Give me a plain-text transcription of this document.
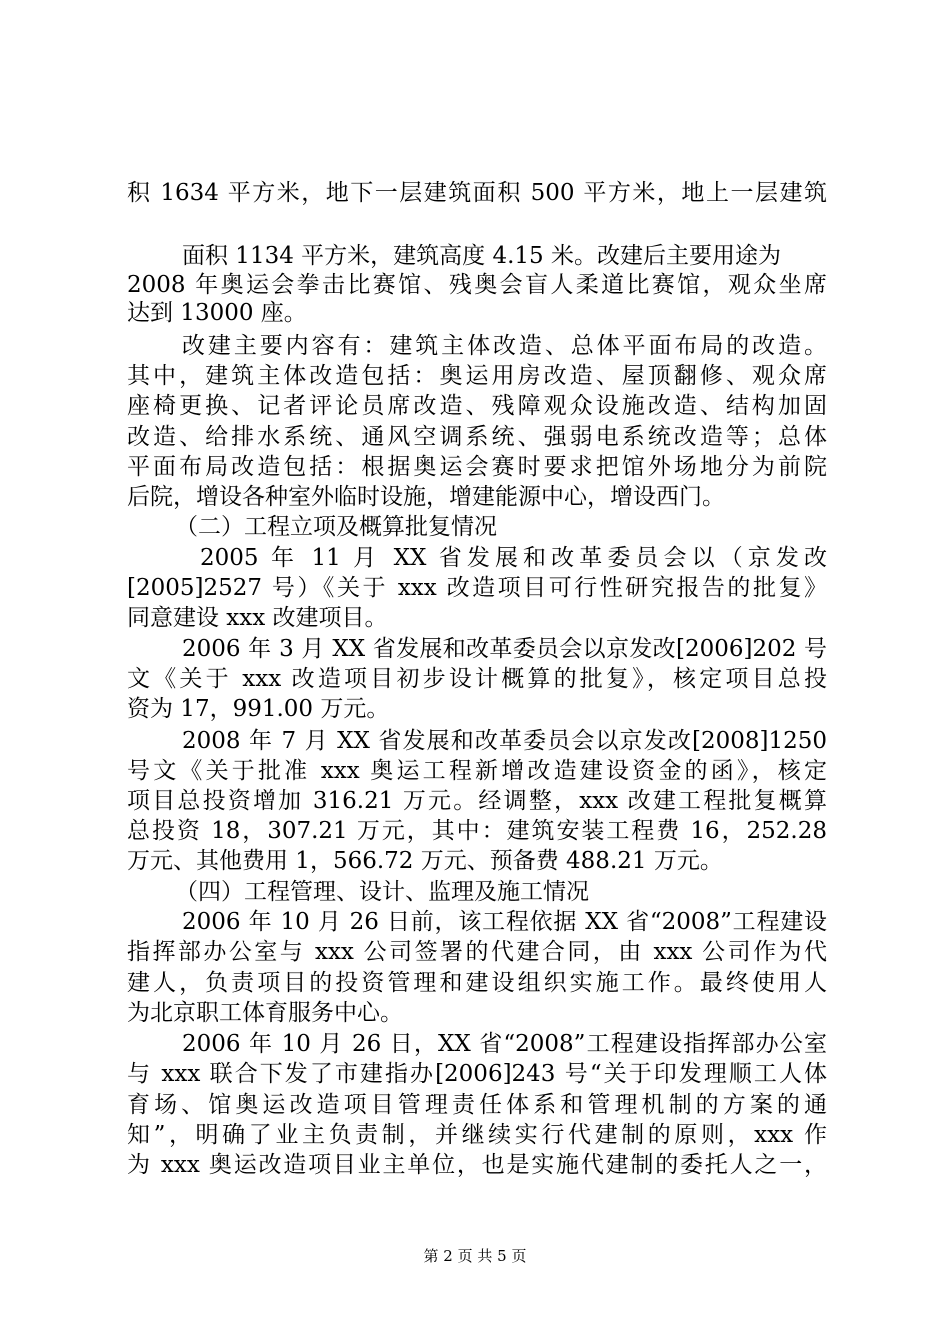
积 1634 平方米，地下一层建筑面积 500 平方米，地上一层建筑
面积 1134 平方米，建筑高度 4.15 米。改建后主要用途为
2008 年奥运会拳击比赛馆、残奥会盲人柔道比赛馆，观众坐席
达到 13000 座。
改建主要内容有：建筑主体改造、总体平面布局的改造。
其中，建筑主体改造包括：奥运用房改造、屋顶翻修、观众席
座椅更换、记者评论员席改造、残障观众设施改造、结构加固
改造、给排水系统、通风空调系统、强弱电系统改造等；总体
平面布局改造包括：根据奥运会赛时要求把馆外场地分为前院
后院，增设各种室外临时设施，增建能源中心，增设西门。
（二）工程立项及概算批复情况
2005 年 11 月 XX 省发展和改革委员会以（京发改
[2005]2527 号）《关于 xxx 改造项目可行性研究报告的批复》
同意建设 xxx 改建项目。
2006 年 3 月 XX 省发展和改革委员会以京发改[2006]202 号
文《关于 xxx 改造项目初步设计概算的批复》，核定项目总投
资为 17，991.00 万元。
2008 年 7 月 XX 省发展和改革委员会以京发改[2008]1250
号文《关于批准 xxx 奥运工程新增改造建设资金的函》，核定
项目总投资增加 316.21 万元。经调整，xxx 改建工程批复概算
总投资 18，307.21 万元，其中：建筑安装工程费 16，252.28
万元、其他费用 1，566.72 万元、预备费 488.21 万元。
（四）工程管理、设计、监理及施工情况
2006 年 10 月 26 日前，该工程依据 XX 省“2008”工程建设
指挥部办公室与 xxx 公司签署的代建合同，由 xxx 公司作为代
建人，负责项目的投资管理和建设组织实施工作。最终使用人
为北京职工体育服务中心。
2006 年 10 月 26 日，XX 省“2008”工程建设指挥部办公室
与 xxx 联合下发了市建指办[2006]243 号“关于印发理顺工人体
育场、馆奥运改造项目管理责任体系和管理机制的方案的通
知”，明确了业主负责制，并继续实行代建制的原则，xxx 作
为 xxx 奥运改造项目业主单位，也是实施代建制的委托人之一，
第 2 页 共 5 页
